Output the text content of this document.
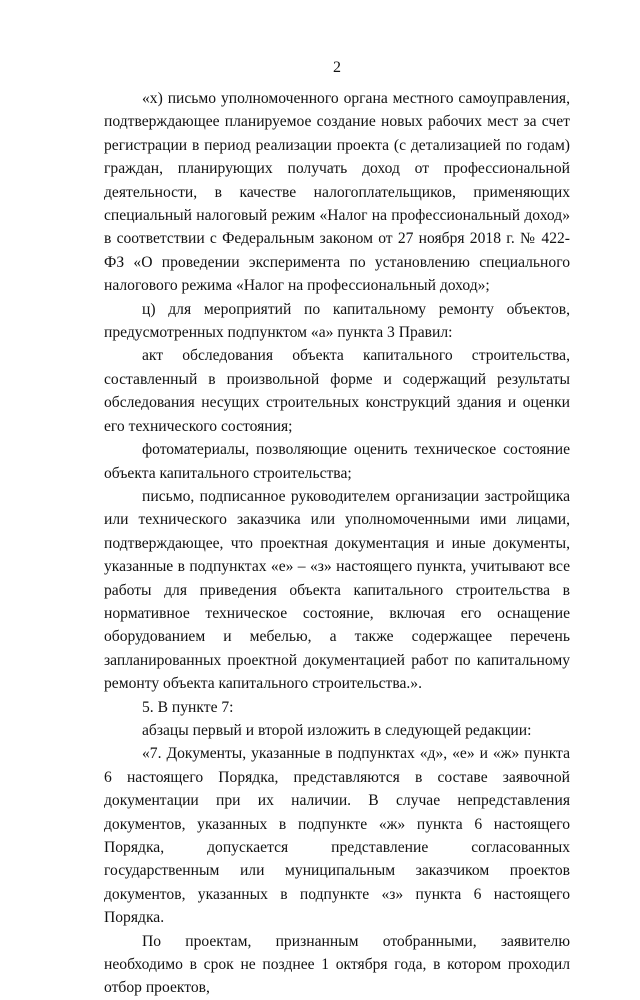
2

«х) письмо уполномоченного органа местного самоуправления, подтверждающее планируемое создание новых рабочих мест за счет регистрации в период реализации проекта (с детализацией по годам) граждан, планирующих получать доход от профессиональной деятельности, в качестве налогоплательщиков, применяющих специальный налоговый режим «Налог на профессиональный доход» в соответствии с Федеральным законом от 27 ноября 2018 г. № 422-ФЗ «О проведении эксперимента по установлению специального налогового режима «Налог на профессиональный доход»;

ц) для мероприятий по капитальному ремонту объектов, предусмотренных подпунктом «а» пункта 3 Правил:

акт обследования объекта капитального строительства, составленный в произвольной форме и содержащий результаты обследования несущих строительных конструкций здания и оценки его технического состояния;

фотоматериалы, позволяющие оценить техническое состояние объекта капитального строительства;

письмо, подписанное руководителем организации застройщика или технического заказчика или уполномоченными ими лицами, подтверждающее, что проектная документация и иные документы, указанные в подпунктах «е» – «з» настоящего пункта, учитывают все работы для приведения объекта капитального строительства в нормативное техническое состояние, включая его оснащение оборудованием и мебелью, а также содержащее перечень запланированных проектной документацией работ по капитальному ремонту объекта капитального строительства.».

5. В пункте 7:

абзацы первый и второй изложить в следующей редакции:

«7. Документы, указанные в подпунктах «д», «е» и «ж» пункта 6 настоящего Порядка, представляются в составе заявочной документации при их наличии. В случае непредставления документов, указанных в подпункте «ж» пункта 6 настоящего Порядка, допускается представление согласованных государственным или муниципальным заказчиком проектов документов, указанных в подпункте «з» пункта 6 настоящего Порядка.

По проектам, признанным отобранными, заявителю необходимо в срок не позднее 1 октября года, в котором проходил отбор проектов,
